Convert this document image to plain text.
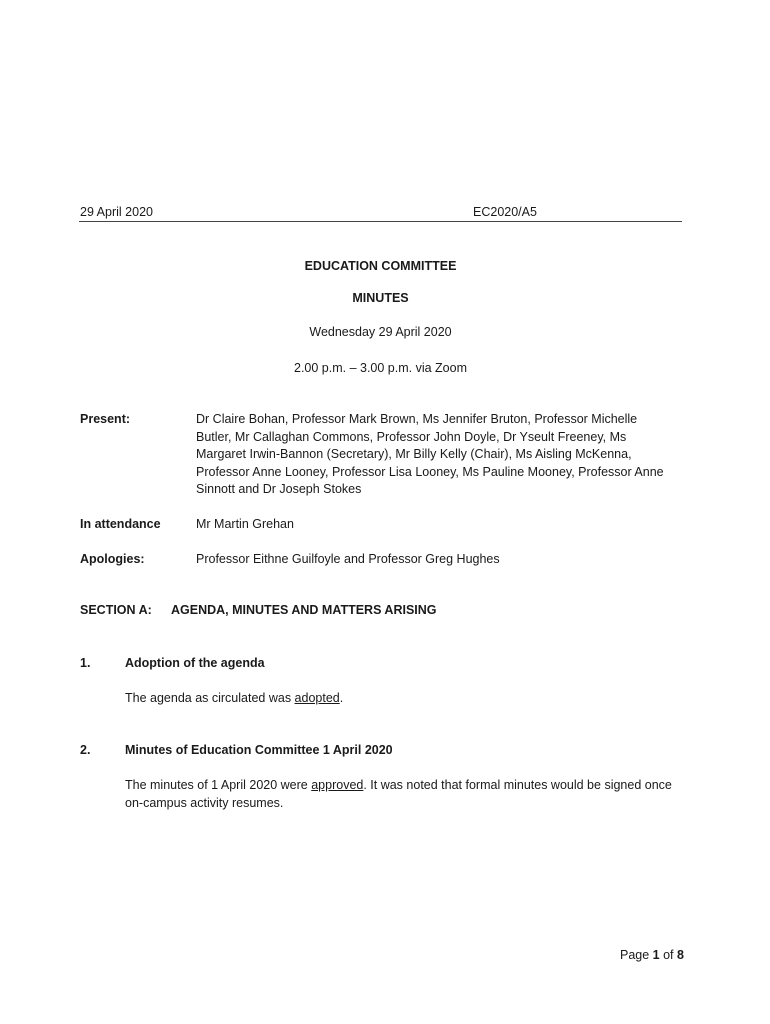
29 April 2020	EC2020/A5
EDUCATION COMMITTEE
MINUTES
Wednesday 29 April 2020
2.00 p.m. – 3.00 p.m. via Zoom
Present:	Dr Claire Bohan, Professor Mark Brown, Ms Jennifer Bruton, Professor Michelle Butler, Mr Callaghan Commons, Professor John Doyle, Dr Yseult Freeney, Ms Margaret Irwin-Bannon (Secretary), Mr Billy Kelly (Chair), Ms Aisling McKenna, Professor Anne Looney, Professor Lisa Looney, Ms Pauline Mooney, Professor Anne Sinnott and Dr Joseph Stokes
In attendance	Mr Martin Grehan
Apologies:	Professor Eithne Guilfoyle and Professor Greg Hughes
SECTION A: AGENDA, MINUTES AND MATTERS ARISING
1.	Adoption of the agenda
The agenda as circulated was adopted.
2.	Minutes of Education Committee 1 April 2020
The minutes of 1 April 2020 were approved. It was noted that formal minutes would be signed once on-campus activity resumes.
Page 1 of 8
